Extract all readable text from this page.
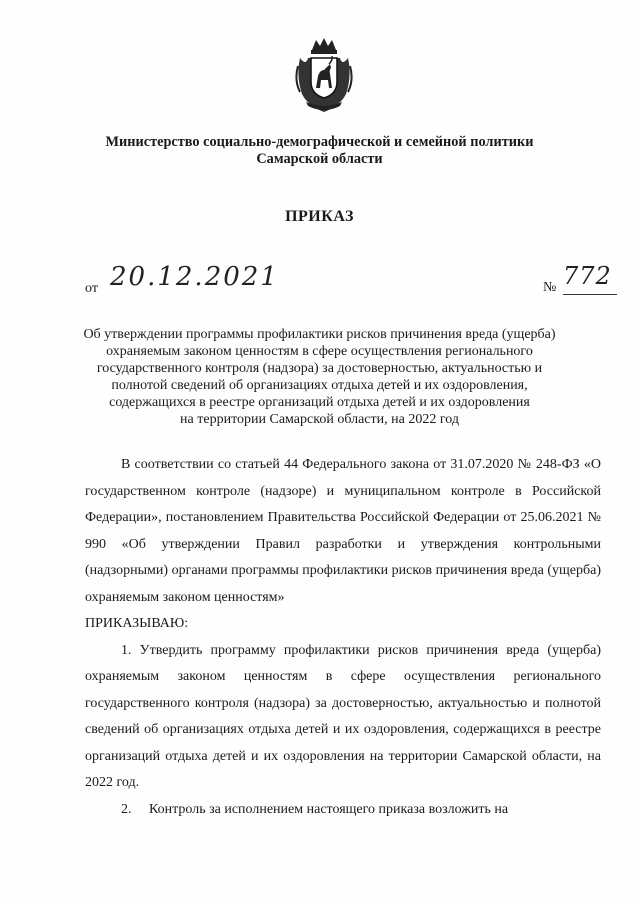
Министерство социально-демографической и семейной политики
Самарской области
ПРИКАЗ
от 20.12.2021	№ 772
Об утверждении программы профилактики рисков причинения вреда (ущерба)
охраняемым законом ценностям в сфере осуществления регионального
государственного контроля (надзора) за достоверностью, актуальностью и
полнотой сведений об организациях отдыха детей и их оздоровления,
содержащихся в реестре организаций отдыха детей и их оздоровления
на территории Самарской области, на 2022 год

В соответствии со статьей 44 Федерального закона от 31.07.2020 № 248-ФЗ «О государственном контроле (надзоре) и муниципальном контроле в Российской Федерации», постановлением Правительства Российской Федерации от 25.06.2021 № 990 «Об утверждении Правил разработки и утверждения контрольными (надзорными) органами программы профилактики рисков причинения вреда (ущерба) охраняемым законом ценностям»

ПРИКАЗЫВАЮ:

1. Утвердить программу профилактики рисков причинения вреда (ущерба) охраняемым законом ценностям в сфере осуществления регионального государственного контроля (надзора) за достоверностью, актуальностью и полнотой сведений об организациях отдыха детей и их оздоровления, содержащихся в реестре организаций отдыха детей и их оздоровления на территории Самарской области, на 2022 год.

2.     Контроль за исполнением настоящего приказа возложить на
